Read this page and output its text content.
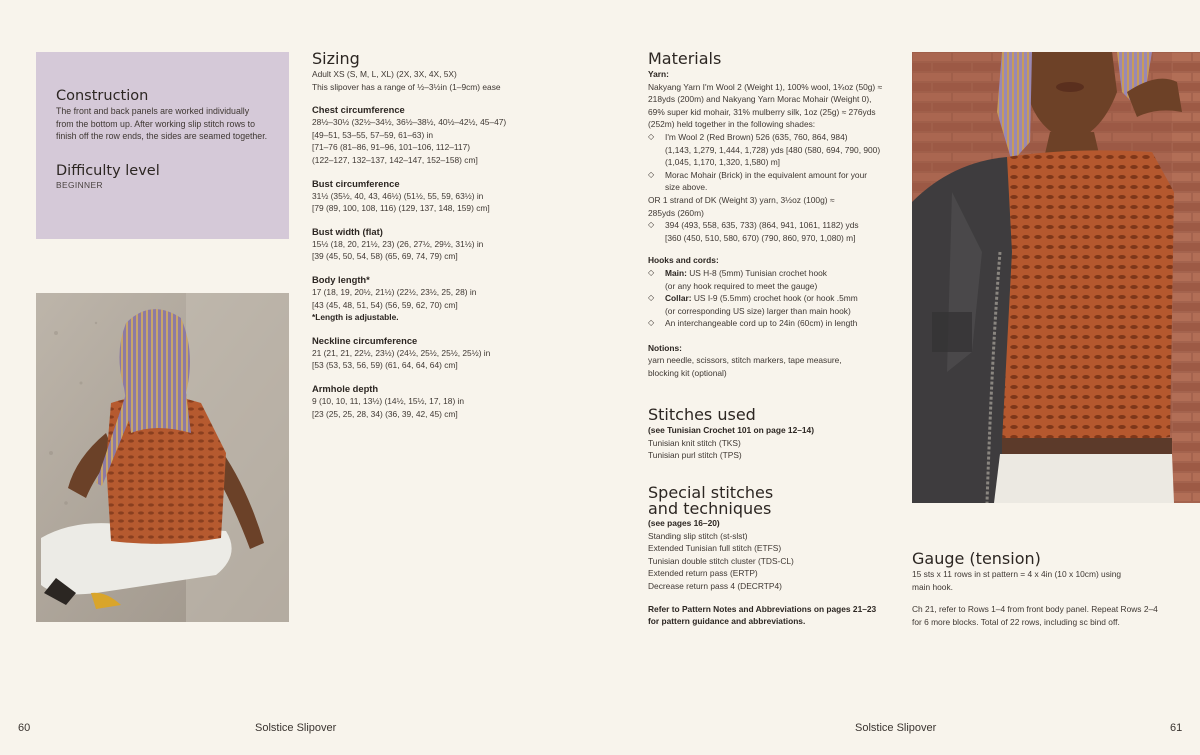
Construction

The front and back panels are worked individually from the bottom up. After working slip stitch rows to finish off the row ends, the sides are seamed together.

Difficulty level
BEGINNER
Sizing
Adult XS (S, M, L, XL) (2X, 3X, 4X, 5X)
This slipover has a range of ½–3½in (1–9cm) ease
Chest circumference
28½–30½ (32½–34½, 36½–38½, 40½–42½, 45–47)
[49–51, 53–55, 57–59, 61–63) in
[71–76 (81–86, 91–96, 101–106, 112–117)
(122–127, 132–137, 142–147, 152–158) cm]
Bust circumference
31½ (35½, 40, 43, 46½) (51½, 55, 59, 63½) in
[79 (89, 100, 108, 116) (129, 137, 148, 159) cm]
Bust width (flat)
15½ (18, 20, 21½, 23) (26, 27½, 29½, 31½) in
[39 (45, 50, 54, 58) (65, 69, 74, 79) cm]
Body length*
17 (18, 19, 20½, 21½) (22½, 23½, 25, 28) in
[43 (45, 48, 51, 54) (56, 59, 62, 70) cm]
*Length is adjustable.
Neckline circumference
21 (21, 21, 22½, 23½) (24½, 25½, 25½, 25½) in
[53 (53, 53, 56, 59) (61, 64, 64, 64) cm]
Armhole depth
9 (10, 10, 11, 13½) (14½, 15½, 17, 18) in
[23 (25, 25, 28, 34) (36, 39, 42, 45) cm]
Materials
Yarn:
Nakyang Yarn I'm Wool 2 (Weight 1), 100% wool, 1¾oz (50g) ≈
218yds (200m) and Nakyang Yarn Morac Mohair (Weight 0),
69% super kid mohair, 31% mulberry silk, 1oz (25g) ≈ 276yds
(252m) held together in the following shades:
◇ I'm Wool 2 (Red Brown) 526 (635, 760, 864, 984)
(1,143, 1,279, 1,444, 1,728) yds [480 (580, 694, 790, 900)
(1,045, 1,170, 1,320, 1,580) m]
◇ Morac Mohair (Brick) in the equivalent amount for your
size above.
OR 1 strand of DK (Weight 3) yarn, 3½oz (100g) ≈
285yds (260m)
◇ 394 (493, 558, 635, 733) (864, 941, 1061, 1182) yds
[360 (450, 510, 580, 670) (790, 860, 970, 1,080) m]
Hooks and cords:
◇ Main: US H-8 (5mm) Tunisian crochet hook
(or any hook required to meet the gauge)
◇ Collar: US I-9 (5.5mm) crochet hook (or hook .5mm
(or corresponding US size) larger than main hook)
◇ An interchangeable cord up to 24in (60cm) in length
Notions:
yarn needle, scissors, stitch markers, tape measure,
blocking kit (optional)
Stitches used
(see Tunisian Crochet 101 on page 12–14)
Tunisian knit stitch (TKS)
Tunisian purl stitch (TPS)
Special stitches
and techniques
(see pages 16–20)
Standing slip stitch (st-slst)
Extended Tunisian full stitch (ETFS)
Tunisian double stitch cluster (TDS-CL)
Extended return pass (ERTP)
Decrease return pass 4 (DECRTP4)
Refer to Pattern Notes and Abbreviations on pages 21–23
for pattern guidance and abbreviations.
Gauge (tension)
15 sts x 11 rows in st pattern = 4 x 4in (10 x 10cm) using
main hook.
Ch 21, refer to Rows 1–4 from front body panel. Repeat Rows 2–4
for 6 more blocks. Total of 22 rows, including sc bind off.
60	Solstice Slipover	Solstice Slipover	61
